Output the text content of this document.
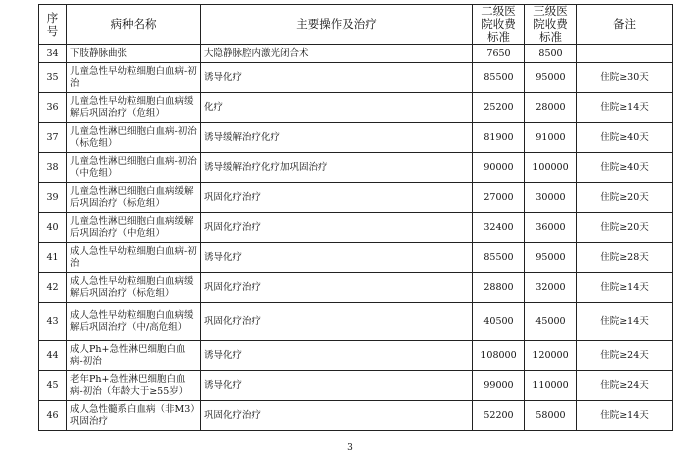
序号	病种名称	主要操作及治疗	二级医院收费标准	三级医院收费标准	备注
34	下肢静脉曲张	大隐静脉腔内激光闭合术	7650	8500	
35	儿童急性早幼粒细胞白血病-初治	诱导化疗	85500	95000	住院≥30天
36	儿童急性早幼粒细胞白血病缓解后巩固治疗（危组）	化疗	25200	28000	住院≥14天
37	儿童急性淋巴细胞白血病-初治（标危组）	诱导缓解治疗化疗	81900	91000	住院≥40天
38	儿童急性淋巴细胞白血病-初治（中危组）	诱导缓解治疗化疗加巩固治疗	90000	100000	住院≥40天
39	儿童急性淋巴细胞白血病缓解后巩固治疗（标危组）	巩固化疗治疗	27000	30000	住院≥20天
40	儿童急性淋巴细胞白血病缓解后巩固治疗（中危组）	巩固化疗治疗	32400	36000	住院≥20天
41	成人急性早幼粒细胞白血病-初治	诱导化疗	85500	95000	住院≥28天
42	成人急性早幼粒细胞白血病缓解后巩固治疗（标危组）	巩固化疗治疗	28800	32000	住院≥14天
43	成人急性早幼粒细胞白血病缓解后巩固治疗（中/高危组）	巩固化疗治疗	40500	45000	住院≥14天
44	成人Ph+急性淋巴细胞白血病-初治	诱导化疗	108000	120000	住院≥24天
45	老年Ph+急性淋巴细胞白血病-初治（年龄大于≥55岁）	诱导化疗	99000	110000	住院≥24天
46	成人急性髓系白血病（非M3）巩固治疗	巩固化疗治疗	52200	58000	住院≥14天
3
